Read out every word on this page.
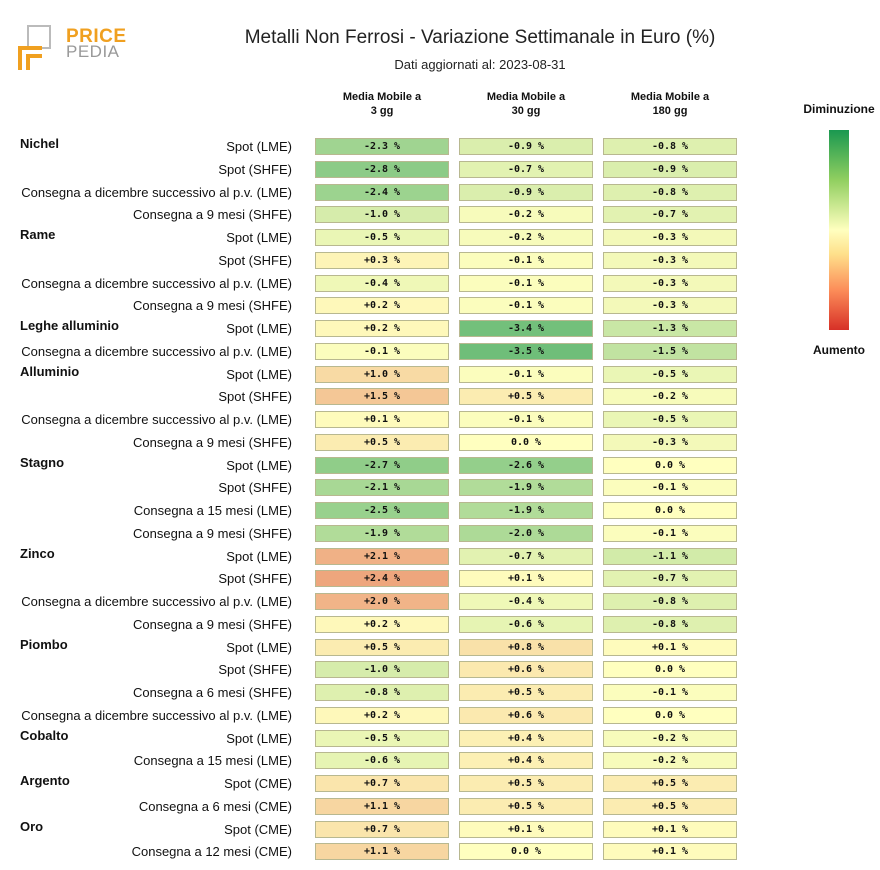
PRICE
PEDIA
Metalli Non Ferrosi - Variazione Settimanale in Euro (%)
Dati aggiornati al: 2023-08-31
Media Mobile a
3 gg
Media Mobile a
30 gg
Media Mobile a
180 gg
Nichel	Spot (LME)	-2.3 %	-0.9 %	-0.8 %
Spot (SHFE)	-2.8 %	-0.7 %	-0.9 %
Consegna a dicembre successivo al p.v. (LME)	-2.4 %	-0.9 %	-0.8 %
Consegna a 9 mesi (SHFE)	-1.0 %	-0.2 %	-0.7 %
Rame	Spot (LME)	-0.5 %	-0.2 %	-0.3 %
Spot (SHFE)	+0.3 %	-0.1 %	-0.3 %
Consegna a dicembre successivo al p.v. (LME)	-0.4 %	-0.1 %	-0.3 %
Consegna a 9 mesi (SHFE)	+0.2 %	-0.1 %	-0.3 %
Leghe alluminio	Spot (LME)	+0.2 %	-3.4 %	-1.3 %
Consegna a dicembre successivo al p.v. (LME)	-0.1 %	-3.5 %	-1.5 %
Alluminio	Spot (LME)	+1.0 %	-0.1 %	-0.5 %
Spot (SHFE)	+1.5 %	+0.5 %	-0.2 %
Consegna a dicembre successivo al p.v. (LME)	+0.1 %	-0.1 %	-0.5 %
Consegna a 9 mesi (SHFE)	+0.5 %	0.0 %	-0.3 %
Stagno	Spot (LME)	-2.7 %	-2.6 %	0.0 %
Spot (SHFE)	-2.1 %	-1.9 %	-0.1 %
Consegna a 15 mesi (LME)	-2.5 %	-1.9 %	0.0 %
Consegna a 9 mesi (SHFE)	-1.9 %	-2.0 %	-0.1 %
Zinco	Spot (LME)	+2.1 %	-0.7 %	-1.1 %
Spot (SHFE)	+2.4 %	+0.1 %	-0.7 %
Consegna a dicembre successivo al p.v. (LME)	+2.0 %	-0.4 %	-0.8 %
Consegna a 9 mesi (SHFE)	+0.2 %	-0.6 %	-0.8 %
Piombo	Spot (LME)	+0.5 %	+0.8 %	+0.1 %
Spot (SHFE)	-1.0 %	+0.6 %	0.0 %
Consegna a 6 mesi (SHFE)	-0.8 %	+0.5 %	-0.1 %
Consegna a dicembre successivo al p.v. (LME)	+0.2 %	+0.6 %	0.0 %
Cobalto	Spot (LME)	-0.5 %	+0.4 %	-0.2 %
Consegna a 15 mesi (LME)	-0.6 %	+0.4 %	-0.2 %
Argento	Spot (CME)	+0.7 %	+0.5 %	+0.5 %
Consegna a 6 mesi (CME)	+1.1 %	+0.5 %	+0.5 %
Oro	Spot (CME)	+0.7 %	+0.1 %	+0.1 %
Consegna a 12 mesi (CME)	+1.1 %	0.0 %	+0.1 %
Diminuzione
Aumento
